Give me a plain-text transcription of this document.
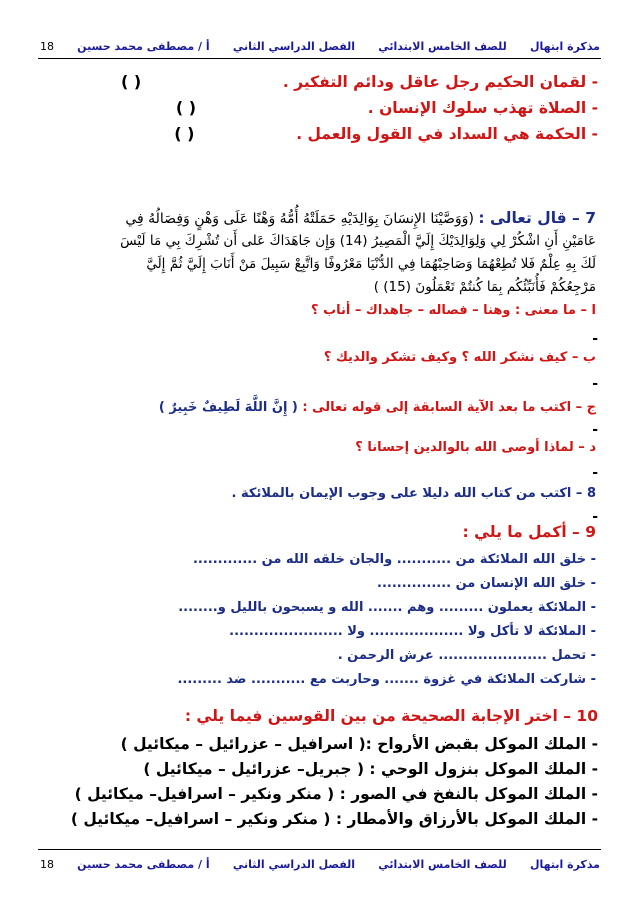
مذكرة ابتهال
للصف الخامس الابتدائي
الفصل الدراسي الثاني
أ / مصطفى محمد حسين
18
- لقمان الحكيم رجل عاقل ودائم التفكير .  ( )
- الصلاة تهذب سلوك الإنسان .  ( )
- الحكمة هي السداد في القول والعمل .  ( )
7 – قال تعالى : (وَوَصَّيْنَا الإِنسَانَ بِوَالِدَيْهِ حَمَلَتْهُ أُمُّهُ وَهْنًا عَلَى وَهْنٍ وَفِصَالُهُ فِي
عَامَيْنِ أَنِ اشْكُرْ لِي وَلِوَالِدَيْكَ إِلَيَّ الْمَصِيرُ (14) وَإِن جَاهَدَاكَ عَلى أَن تُشْرِكَ بِي مَا لَيْسَ
لَكَ بِهِ عِلْمٌ فَلا تُطِعْهُمَا وَصَاحِبْهُمَا فِي الدُّنْيَا مَعْرُوفًا وَاتَّبِعْ سَبِيلَ مَنْ أَنَابَ إِلَيَّ ثُمَّ إِلَيَّ
مَرْجِعُكُمْ فَأُنَبِّئُكُم بِمَا كُنتُمْ تَعْمَلُونَ (15) )
ا – ما معنى : وهنا – فصاله – جاهداك – أناب ؟
-
ب – كيف نشكر الله ؟ وكيف تشكر والديك ؟
-
ج – اكتب ما بعد الآية السابقة إلى قوله تعالى : ( إِنَّ اللَّهَ لَطِيفٌ خَبِيرٌ )
-
د – لماذا أوصى الله بالوالدين إحسانا ؟
-
8 – اكتب من كتاب الله دليلا على وجوب الإيمان بالملائكة .
-
9 – أكمل ما يلي :
- خلق الله الملائكة من ........... والجان خلقه الله من .............
- خلق الله الإنسان من ...............
- الملائكة يعملون ......... وهم ....... الله و يسبحون بالليل و........
- الملائكة لا تأكل ولا ................... ولا .......................
- تحمل ...................... عرش الرحمن .
- شاركت الملائكة في غزوة ....... وحاربت مع ........... ضد .........
10 – اختر الإجابة الصحيحة من بين القوسين فيما يلي :
- الملك الموكل بقبض الأرواح :( اسرافيل – عزرائيل – ميكائيل )
- الملك الموكل بنزول الوحي : ( جبريل– عزرائيل – ميكائيل )
- الملك الموكل بالنفخ في الصور : ( منكر ونكير – اسرافيل– ميكائيل )
- الملك الموكل بالأرزاق والأمطار : ( منكر ونكير – اسرافيل– ميكائيل )
مذكرة ابتهال
للصف الخامس الابتدائي
الفصل الدراسي الثاني
أ / مصطفى محمد حسين
18
